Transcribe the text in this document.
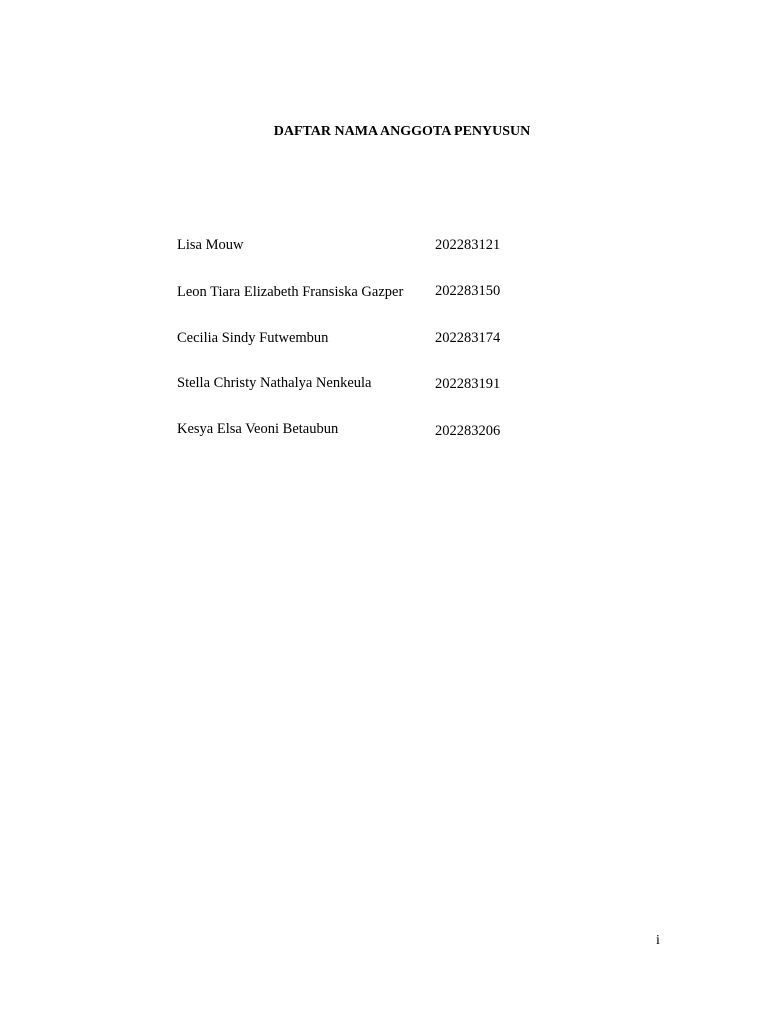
DAFTAR NAMA ANGGOTA PENYUSUN
Lisa Mouw	202283121
Leon Tiara Elizabeth Fransiska Gazper 202283150
Cecilia Sindy Futwembun	202283174
Stella Christy Nathalya Nenkeula	202283191
Kesya Elsa Veoni Betaubun	202283206
i
